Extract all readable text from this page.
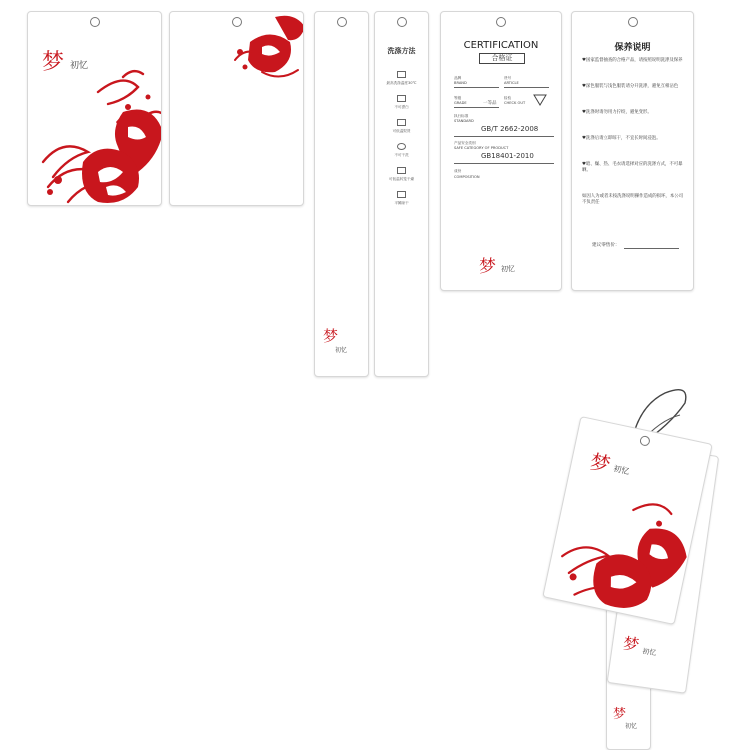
梦 初忆
梦
初忆
洗涤方法
最高洗涤温度30℃
不可漂白
可低温熨烫
不可干洗
可低温转笼干燥
平摊晾干
CERTIFICATION
合格证
品牌
BRAND
货号
ARTICLE
等级
GRADE	一等品
检验
CHECK OUT
执行标准
STANDARD
GB/T 2662-2008
产品安全类别
SAFE CATEGORY OF PRODUCT
GB18401-2010
成份
COMPOSITION
梦 初忆
保养说明
♥国家监督抽查的合格产品，请按照说明洗涤及保养
♥深色服装与浅色服装请分开洗涤，避免互相沾色
♥洗涤时请勿用力拧绞，避免变形。
♥洗涤后请立即晾干，不宜长时间浸泡。
♥暗、燥、热、毛衣请选择对应的洗涤方式，不可暴晒。
如因人为或者未按洗涤说明操作造成的损坏，本公司不负责任
建议零售价：
梦
初忆
梦 初忆
梦 初忆
